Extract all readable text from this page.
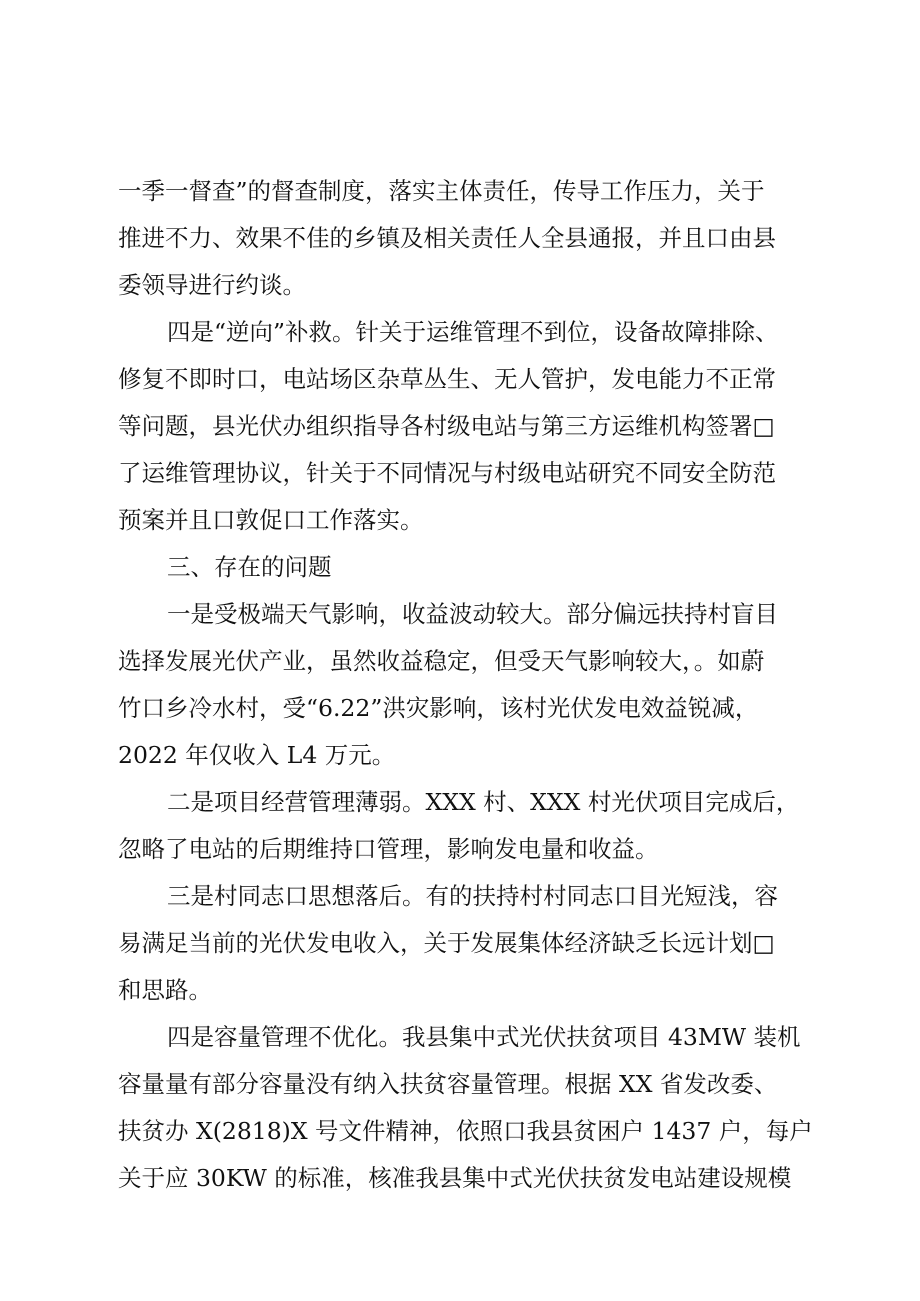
一季一督查”的督查制度，落实主体责任，传导工作压力，关于
推进不力、效果不佳的乡镇及相关责任人全县通报，并且口由县
委领导进行约谈。
四是“逆向”补救。针关于运维管理不到位，设备故障排除、
修复不即时口，电站场区杂草丛生、无人管护，发电能力不正常
等问题，县光伏办组织指导各村级电站与第三方运维机构签署□
了运维管理协议，针关于不同情况与村级电站研究不同安全防范
预案并且口敦促口工作落实。
三、存在的问题
一是受极端天气影响，收益波动较大。部分偏远扶持村盲目
选择发展光伏产业，虽然收益稳定，但受天气影响较大，。如蔚
竹口乡冷水村，受“6.22”洪灾影响，该村光伏发电效益锐减，
2022 年仅收入 L4 万元。
二是项目经营管理薄弱。XXX 村、XXX 村光伏项目完成后，
忽略了电站的后期维持口管理，影响发电量和收益。
三是村同志口思想落后。有的扶持村村同志口目光短浅，容
易满足当前的光伏发电收入，关于发展集体经济缺乏长远计划□
和思路。
四是容量管理不优化。我县集中式光伏扶贫项目 43MW 装机
容量量有部分容量没有纳入扶贫容量管理。根据 XX 省发改委、
扶贫办 X(2818)X 号文件精神，依照口我县贫困户 1437 户，每户
关于应 30KW 的标准，核准我县集中式光伏扶贫发电站建设规模
